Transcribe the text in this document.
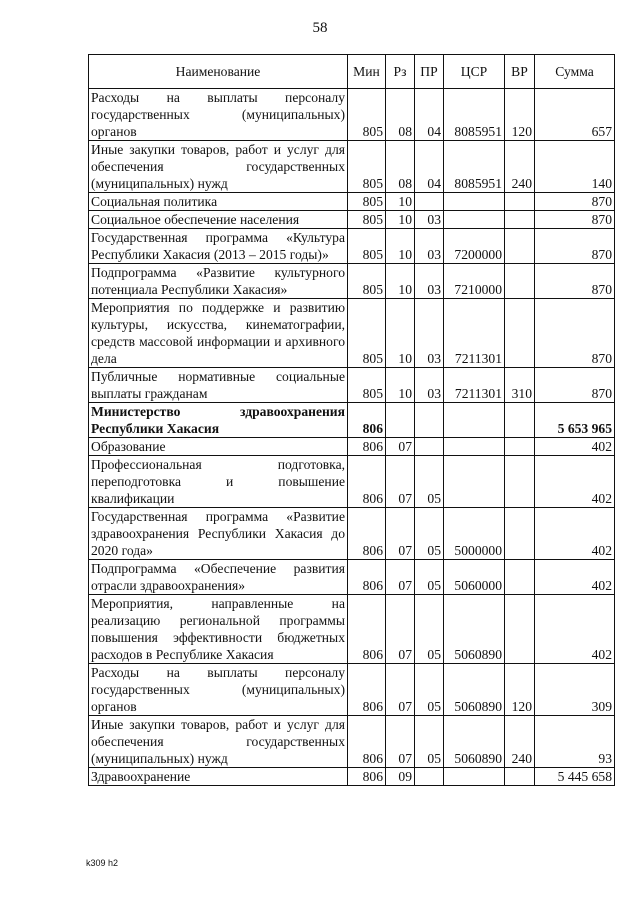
58
Наименование	Мин	Рз	ПР	ЦСР	ВР	Сумма
Расходы на выплаты персоналу государственных (муниципальных) органов	805	08	04	8085951	120	657
Иные закупки товаров, работ и услуг для обеспечения государственных (муниципальных) нужд	805	08	04	8085951	240	140
Социальная политика	805	10				870
Социальное обеспечение населения	805	10	03			870
Государственная программа «Культура Республики Хакасия (2013 – 2015 годы)»	805	10	03	7200000		870
Подпрограмма «Развитие культурного потенциала Республики Хакасия»	805	10	03	7210000		870
Мероприятия по поддержке и развитию культуры, искусства, кинематографии, средств массовой информации и архивного дела	805	10	03	7211301		870
Публичные нормативные социальные выплаты гражданам	805	10	03	7211301	310	870
Министерство здравоохранения Республики Хакасия	806					5 653 965
Образование	806	07				402
Профессиональная подготовка, переподготовка и повышение квалификации	806	07	05			402
Государственная программа «Развитие здравоохранения Республики Хакасия до 2020 года»	806	07	05	5000000		402
Подпрограмма «Обеспечение развития отрасли здравоохранения»	806	07	05	5060000		402
Мероприятия, направленные на реализацию региональной программы повышения эффективности бюджетных расходов в Республике Хакасия	806	07	05	5060890		402
Расходы на выплаты персоналу государственных (муниципальных) органов	806	07	05	5060890	120	309
Иные закупки товаров, работ и услуг для обеспечения государственных (муниципальных) нужд	806	07	05	5060890	240	93
Здравоохранение	806	09				5 445 658
k309 h2
